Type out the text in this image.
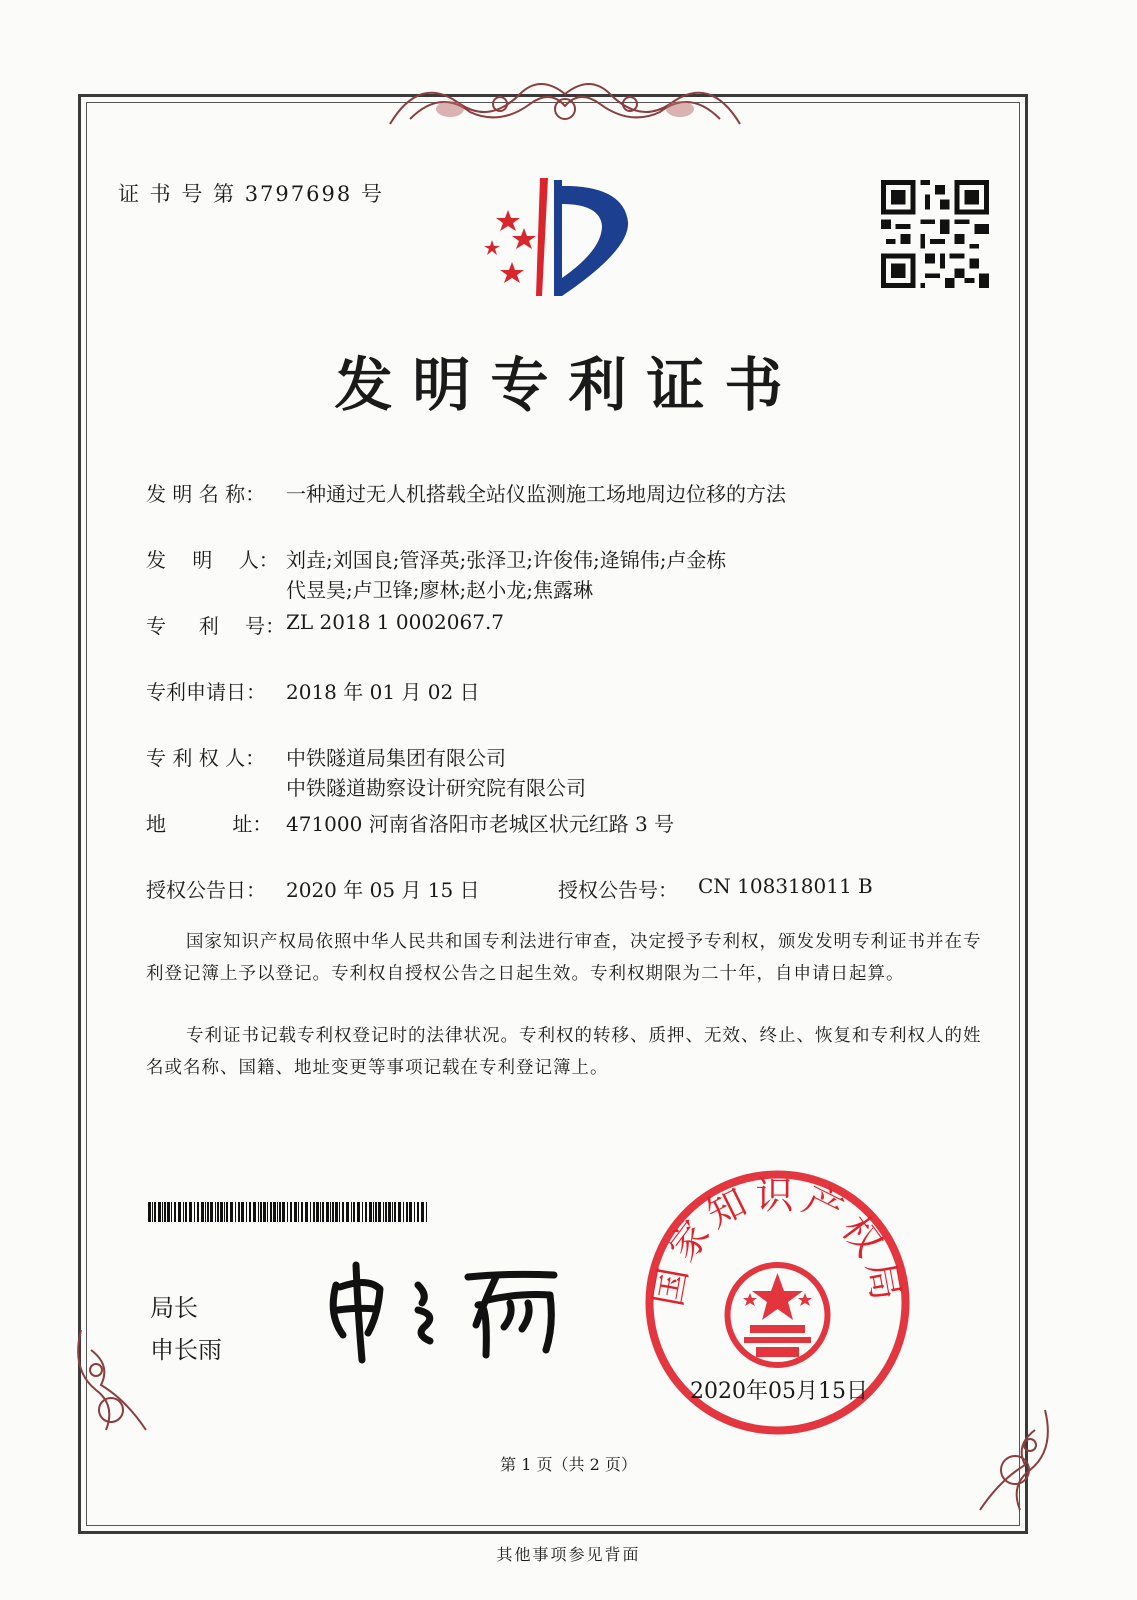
证 书 号 第 3797698 号
发明专利证书
发 明 名 称：	一种通过无人机搭载全站仪监测施工场地周边位移的方法
发　 明 　人： 刘垚;刘国良;管泽英;张泽卫;许俊伟;逄锦伟;卢金栋
代昱昊;卢卫锋;廖林;赵小龙;焦露琳
专 　 利 　号： ZL 2018 1 0002067.7
专利申请日：	2018 年 01 月 02 日
专 利 权 人：	中铁隧道局集团有限公司
中铁隧道勘察设计研究院有限公司
地 　　　址： 471000 河南省洛阳市老城区状元红路 3 号
授权公告日：	2020 年 05 月 15 日	授权公告号：	CN 108318011 B
国家知识产权局依照中华人民共和国专利法进行审查，决定授予专利权，颁发发明专利证书并在专利登记簿上予以登记。专利权自授权公告之日起生效。专利权期限为二十年，自申请日起算。
专利证书记载专利权登记时的法律状况。专利权的转移、质押、无效、终止、恢复和专利权人的姓名或名称、国籍、地址变更等事项记载在专利登记簿上。
局长
申长雨
国家知识产权局
2020年05月15日
第 1 页（共 2 页）
其他事项参见背面
